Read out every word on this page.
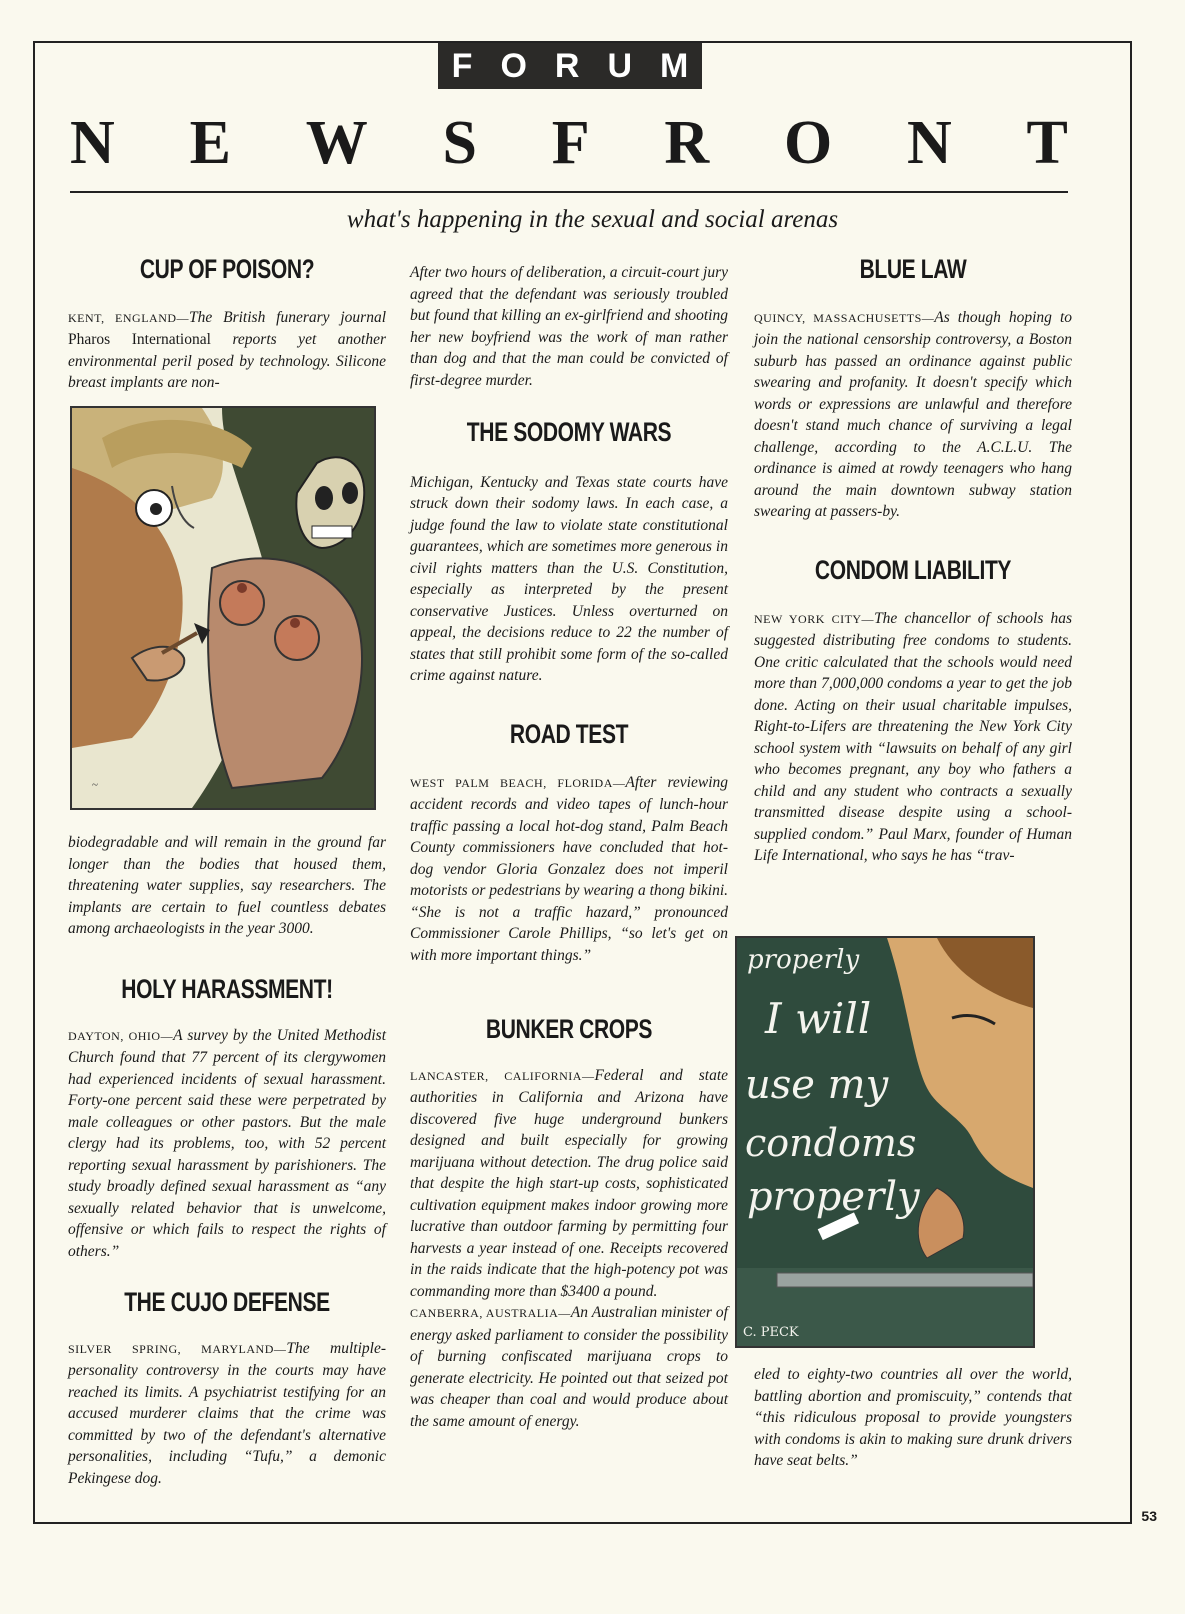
FORUM
N E W S F R O N T
what's happening in the sexual and social arenas
CUP OF POISON?

KENT, ENGLAND—The British funerary journal Pharos International reports yet another environmental peril posed by technology. Silicone breast implants are non-

~

biodegradable and will remain in the ground far longer than the bodies that housed them, threatening water supplies, say researchers. The implants are certain to fuel countless debates among archaeologists in the year 3000.

HOLY HARASSMENT!

DAYTON, OHIO—A survey by the United Methodist Church found that 77 percent of its clergywomen had experienced incidents of sexual harassment. Forty-one percent said these were perpetrated by male colleagues or other pastors. But the male clergy had its problems, too, with 52 percent reporting sexual harassment by parishioners. The study broadly defined sexual harassment as “any sexually related behavior that is unwelcome, offensive or which fails to respect the rights of others.”

THE CUJO DEFENSE

SILVER SPRING, MARYLAND—The multiple-personality controversy in the courts may have reached its limits. A psychiatrist testifying for an accused murderer claims that the crime was committed by two of the defendant's alternative personalities, including “Tufu,” a demonic Pekingese dog.

After two hours of deliberation, a circuit-court jury agreed that the defendant was seriously troubled but found that killing an ex-girlfriend and shooting her new boyfriend was the work of man rather than dog and that the man could be convicted of first-degree murder.

THE SODOMY WARS

Michigan, Kentucky and Texas state courts have struck down their sodomy laws. In each case, a judge found the law to violate state constitutional guarantees, which are sometimes more generous in civil rights matters than the U.S. Constitution, especially as interpreted by the present conservative Justices. Unless overturned on appeal, the decisions reduce to 22 the number of states that still prohibit some form of the so-called crime against nature.

ROAD TEST

WEST PALM BEACH, FLORIDA—After reviewing accident records and video tapes of lunch-hour traffic passing a local hot-dog stand, Palm Beach County commissioners have concluded that hot-dog vendor Gloria Gonzalez does not imperil motorists or pedestrians by wearing a thong bikini. “She is not a traffic hazard,” pronounced Commissioner Carole Phillips, “so let's get on with more important things.”

BUNKER CROPS

LANCASTER, CALIFORNIA—Federal and state authorities in California and Arizona have discovered five huge underground bunkers designed and built especially for growing marijuana without detection. The drug police said that despite the high start-up costs, sophisticated cultivation equipment makes indoor growing more lucrative than outdoor farming by permitting four harvests a year instead of one. Receipts recovered in the raids indicate that the high-potency pot was commanding more than $3400 a pound.

CANBERRA, AUSTRALIA—An Australian minister of energy asked parliament to consider the possibility of burning confiscated marijuana crops to generate electricity. He pointed out that seized pot was cheaper than coal and would produce about the same amount of energy.

BLUE LAW

QUINCY, MASSACHUSETTS—As though hoping to join the national censorship controversy, a Boston suburb has passed an ordinance against public swearing and profanity. It doesn't specify which words or expressions are unlawful and therefore doesn't stand much chance of surviving a legal challenge, according to the A.C.L.U. The ordinance is aimed at rowdy teenagers who hang around the main downtown subway station swearing at passers-by.

CONDOM LIABILITY

NEW YORK CITY—The chancellor of schools has suggested distributing free condoms to students. One critic calculated that the schools would need more than 7,000,000 condoms a year to get the job done. Acting on their usual charitable impulses, Right-to-Lifers are threatening the New York City school system with “lawsuits on behalf of any girl who becomes pregnant, any boy who fathers a child and any student who contracts a sexually transmitted disease despite using a school-supplied condom.” Paul Marx, founder of Human Life International, who says he has “trav-

properly
I will
use my
condoms
properly
C. PECK

eled to eighty-two countries all over the world, battling abortion and promiscuity,” contends that “this ridiculous proposal to provide youngsters with condoms is akin to making sure drunk drivers have seat belts.”

53
